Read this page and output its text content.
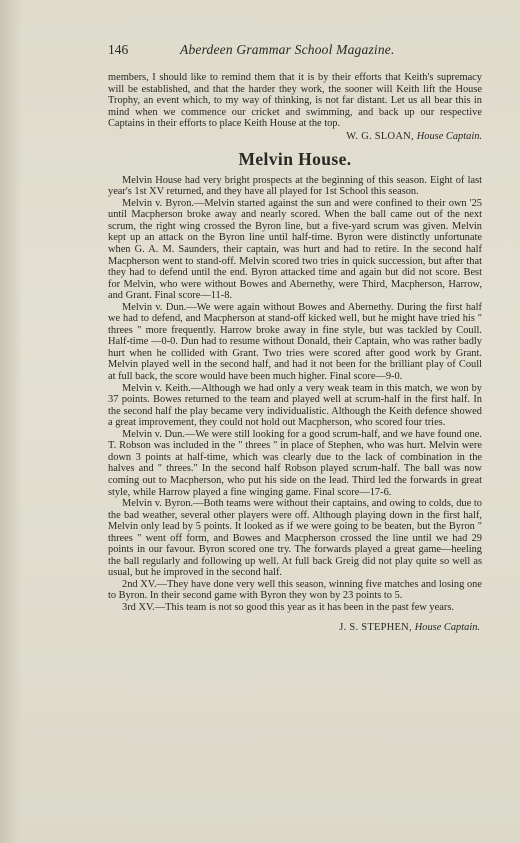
146	Aberdeen Grammar School Magazine.

members, I should like to remind them that it is by their efforts that Keith's supremacy will be established, and that the harder they work, the sooner will Keith lift the House Trophy, an event which, to my way of thinking, is not far distant. Let us all bear this in mind when we commence our cricket and swimming, and back up our respective Captains in their efforts to place Keith House at the top.

W. G. SLOAN, House Captain.
Melvin House.

Melvin House had very bright prospects at the beginning of this season. Eight of last year's 1st XV returned, and they have all played for 1st School this season.

Melvin v. Byron.—Melvin started against the sun and were confined to their own '25 until Macpherson broke away and nearly scored. When the ball came out of the next scrum, the right wing crossed the Byron line, but a five-yard scrum was given. Melvin kept up an attack on the Byron line until half-time. Byron were distinctly unfortunate when G. A. M. Saunders, their captain, was hurt and had to retire. In the second half Macpherson went to stand-off. Melvin scored two tries in quick succession, but after that they had to defend until the end. Byron attacked time and again but did not score. Best for Melvin, who were without Bowes and Abernethy, were Third, Macpherson, Harrow, and Grant. Final score—11-8.

Melvin v. Dun.—We were again without Bowes and Abernethy. During the first half we had to defend, and Macpherson at stand-off kicked well, but he might have tried his " threes " more frequently. Harrow broke away in fine style, but was tackled by Coull. Half-time —0-0. Dun had to resume without Donald, their Captain, who was rather badly hurt when he collided with Grant. Two tries were scored after good work by Grant. Melvin played well in the second half, and had it not been for the brilliant play of Coull at full back, the score would have been much higher. Final score—9-0.

Melvin v. Keith.—Although we had only a very weak team in this match, we won by 37 points. Bowes returned to the team and played well at scrum-half in the first half. In the second half the play became very individualistic. Although the Keith defence showed a great improvement, they could not hold out Macpherson, who scored four tries.

Melvin v. Dun.—We were still looking for a good scrum-half, and we have found one. T. Robson was included in the " threes " in place of Stephen, who was hurt. Melvin were down 3 points at half-time, which was clearly due to the lack of combination in the halves and " threes." In the second half Robson played scrum-half. The ball was now coming out to Macpherson, who put his side on the lead. Third led the forwards in great style, while Harrow played a fine winging game. Final score—17-6.

Melvin v. Byron.—Both teams were without their captains, and owing to colds, due to the bad weather, several other players were off. Although playing down in the first half, Melvin only lead by 5 points. It looked as if we were going to be beaten, but the Byron " threes " went off form, and Bowes and Macpherson crossed the line until we had 29 points in our favour. Byron scored one try. The forwards played a great game—heeling the ball regularly and following up well. At full back Greig did not play quite so well as usual, but he improved in the second half.

2nd XV.—They have done very well this season, winning five matches and losing one to Byron. In their second game with Byron they won by 23 points to 5.

3rd XV.—This team is not so good this year as it has been in the past few years.

J. S. STEPHEN, House Captain.
